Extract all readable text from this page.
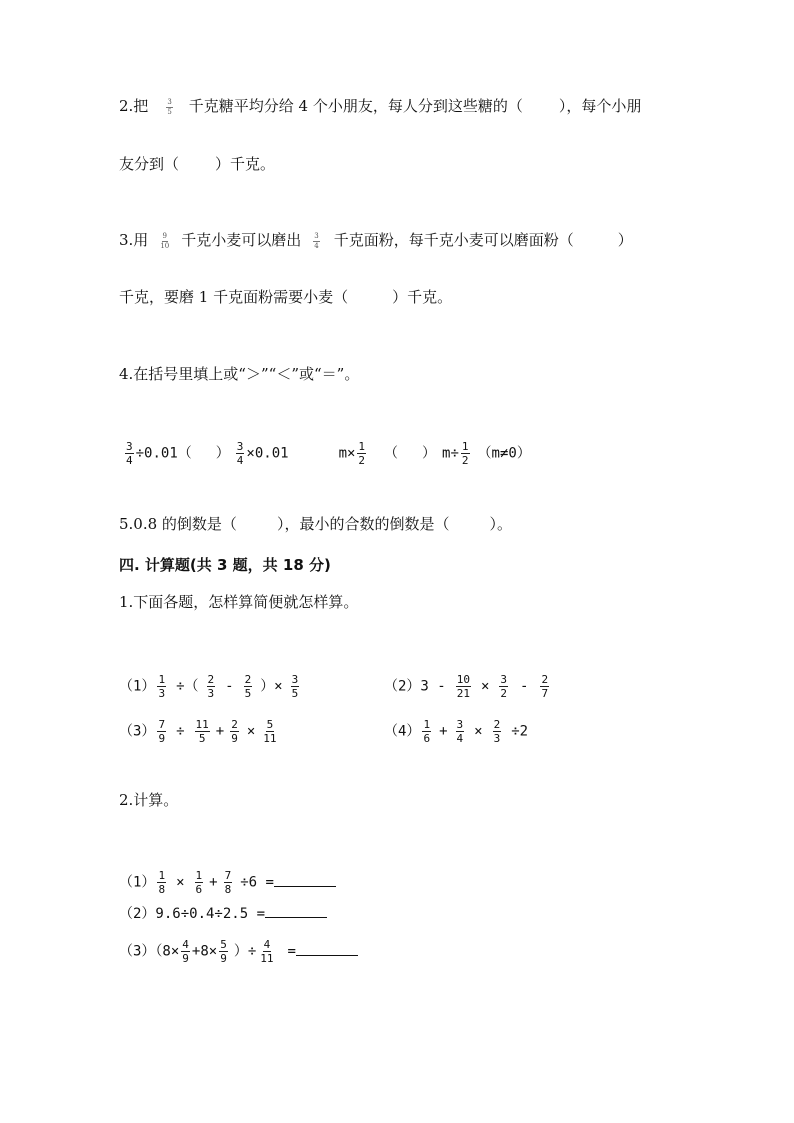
2.把	$\frac{3}{5}$ 千克糖平均分给 4 个小朋友，每人分到这些糖的（ ），每个小朋
友分到（ ）千克。
3.用 $\frac{9}{10}$ 千克小麦可以磨出 $\frac{3}{4}$ 千克面粉，每千克小麦可以磨面粉（	）
千克，要磨 1 千克面粉需要小麦（	）千克。
4.在括号里填上或“＞”“＜”或“＝”。
$\frac{3}{4} \div 0.01$（ ） $\frac{3}{4} \times 0.01$	$m\times \frac{1}{2}$ （ ） $m\div \frac{1}{2} (m\ne 0)$
5.0.8 的倒数是（	），最小的合数的倒数是（	）。
四. 计算题(共 3 题，共 18 分)
1.下面各题，怎样算简便就怎样算。
$(1) \frac{1}{3}$ ÷（ $\frac{2}{3} - \frac{2}{5}$ ）× $\frac{3}{5}$	$(2)3 - \frac{10}{21} \times \frac{3}{2} - \frac{2}{7}$
$(3) \frac{7}{9} \div \frac{11}{5} + \frac{2}{9} \times \frac{5}{11}$	$(4) \frac{1}{6} + \frac{3}{4} \times \frac{2}{3} \div 2$
2.计算。
$(1) \frac{1}{8} \times \frac{1}{6} + \frac{7}{8} \div 6$ =
（2）9.6÷0.4÷2.5 =
$(3)(8\times \frac{4}{9} +8\times \frac{5}{9}$ ）÷ $\frac{4}{11}$ =
